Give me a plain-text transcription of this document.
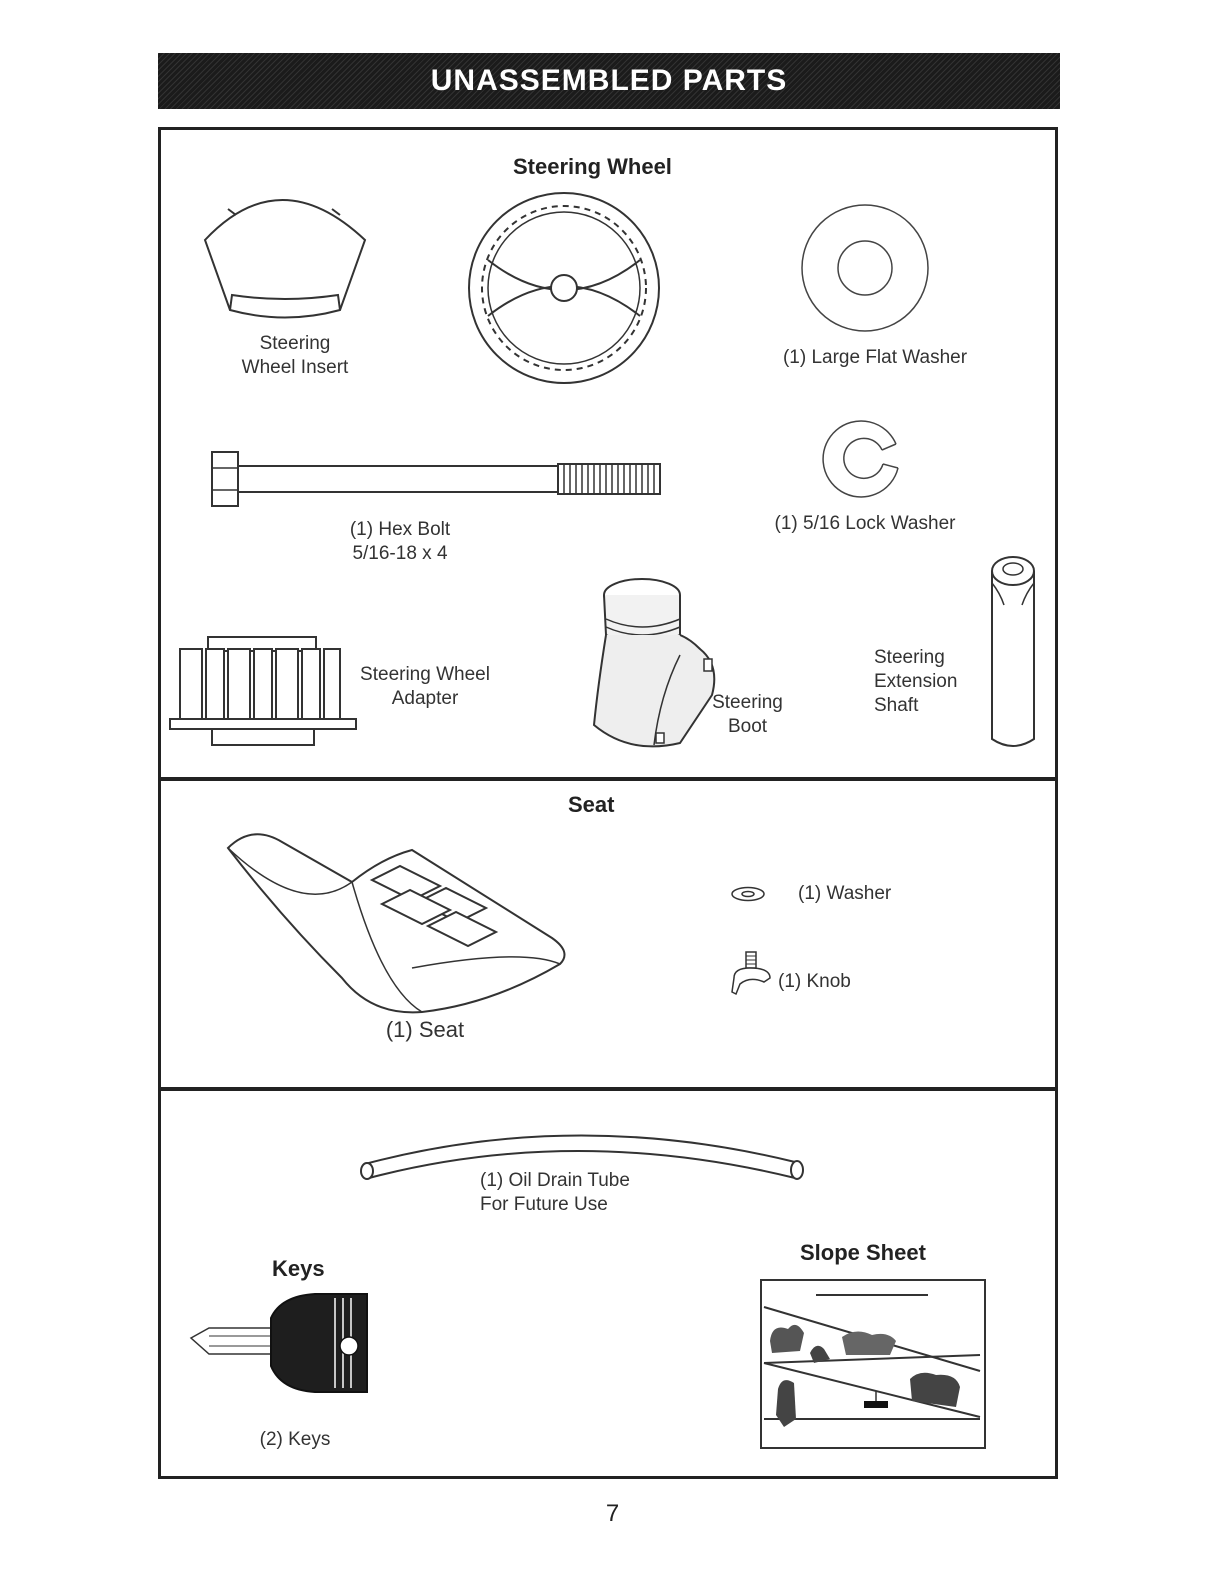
UNASSEMBLED PARTS
Steering Wheel
Steering
Wheel Insert	(1) Large Flat Washer
(1) Hex Bolt
5/16-18 x 4
(1) 5/16 Lock Washer
Steering Wheel
Adapter	Steering
Boot
Steering
Extension
Shaft
Seat
(1) Seat
(1) Washer
(1) Knob
(1) Oil Drain Tube
For Future Use
Keys
(2) Keys
Slope Sheet
7
